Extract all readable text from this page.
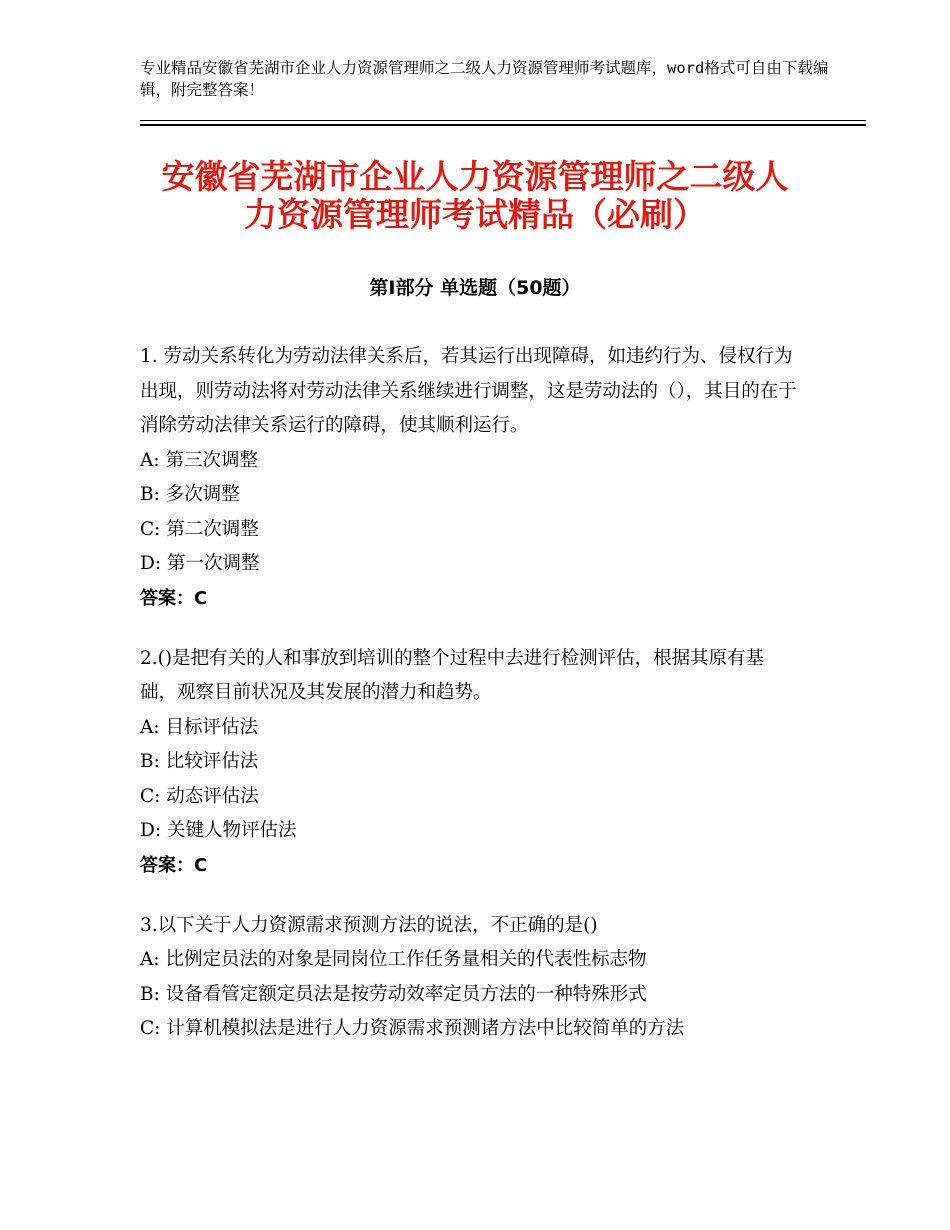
专业精品安徽省芜湖市企业人力资源管理师之二级人力资源管理师考试题库，word格式可自由下载编辑，附完整答案！
安徽省芜湖市企业人力资源管理师之二级人
力资源管理师考试精品（必刷）
第Ⅰ部分 单选题（50题）
1. 劳动关系转化为劳动法律关系后，若其运行出现障碍，如违约行为、侵权行为出现，则劳动法将对劳动法律关系继续进行调整，这是劳动法的（），其目的在于消除劳动法律关系运行的障碍，使其顺利运行。
A: 第三次调整
B: 多次调整
C: 第二次调整
D: 第一次调整
答案：C
2.()是把有关的人和事放到培训的整个过程中去进行检测评估，根据其原有基础，观察目前状况及其发展的潜力和趋势。
A: 目标评估法
B: 比较评估法
C: 动态评估法
D: 关键人物评估法
答案：C
3.以下关于人力资源需求预测方法的说法，不正确的是()
A: 比例定员法的对象是同岗位工作任务量相关的代表性标志物
B: 设备看管定额定员法是按劳动效率定员方法的一种特殊形式
C: 计算机模拟法是进行人力资源需求预测诸方法中比较简单的方法
